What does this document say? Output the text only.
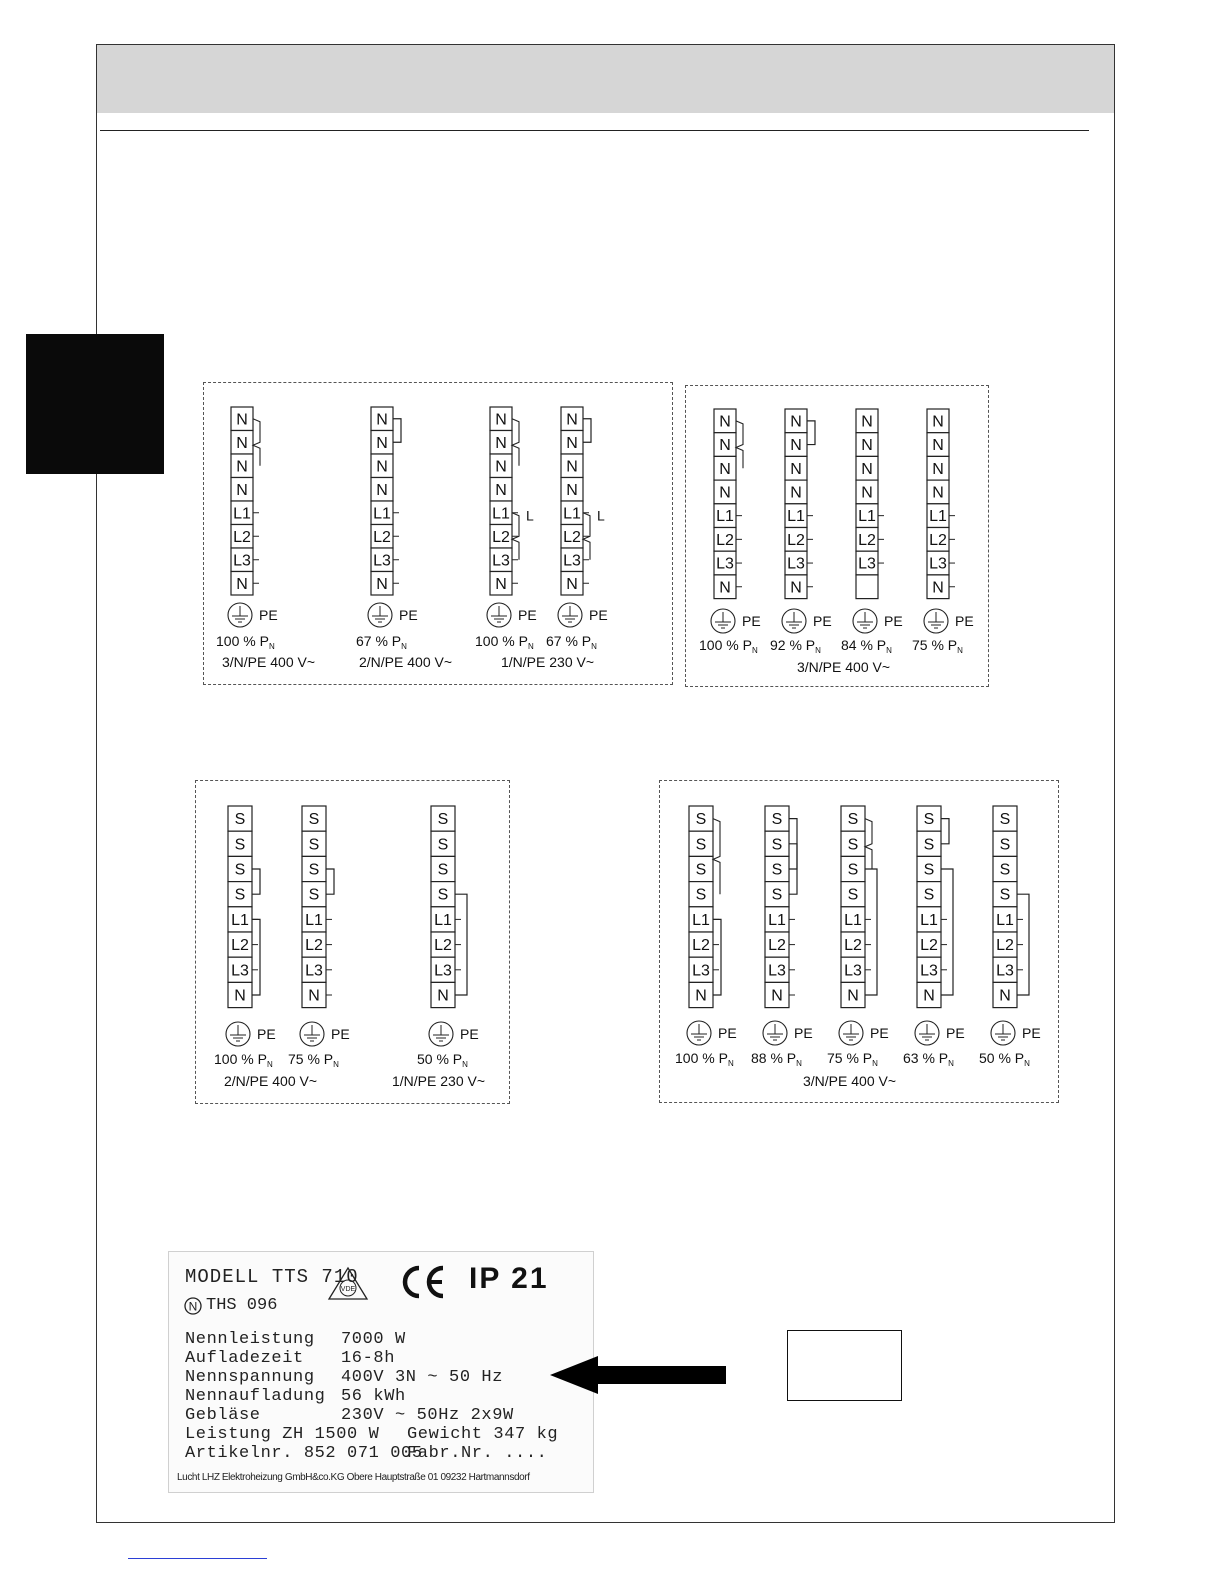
N
N
N
N
L1
L2
L3
N
PE
100 % $P_N$
N
N
N
N
L1
L2
L3
N
PE
67 % $P_N$
N
N
N
N
L1
L2
L3
N
L
PE
100 % $P_N$
N
N
N
N
L1
L2
L3
N
L
PE
67 % $P_N$
3/N/PE 400 V~	2/N/PE 400 V~	1/N/PE 230 V~
N
N
N
N
L1
L2
L3
N
PE
100 % $P_N$
N
N
N
N
L1
L2
L3
N
PE
92 % $P_N$
N
N
N
N
L1
L2
L3
PE
84 % $P_N$
N
N
N
N
L1
L2
L3
N
PE
75 % $P_N$
3/N/PE 400 V~
S
S
S
S
L1
L2
L3
N
PE
100 % $P_N$
S
S
S
S
L1
L2
L3
N
PE
75 % $P_N$
S
S
S
S
L1
L2
L3
N
PE
50 % $P_N$
2/N/PE 400 V~	1/N/PE 230 V~
S
S
S
S
L1
L2
L3
N
PE
100 % $P_N$
S
S
S
S
L1
L2
L3
N
PE
88 % $P_N$
S
S
S
S
L1
L2
L3
N
PE
75 % $P_N$
S
S
S
S
L1
L2
L3
N
PE
63 % $P_N$
S
S
S
S
L1
L2
L3
N
PE
50 % $P_N$
3/N/PE 400 V~
MODELL TTS 710
VDE	IP 21
N THS 096
Nennleistung 7000 W
Aufladezeit 16-8h
Nennspannung 400V 3N ~ 50 Hz
Nennaufladung 56 kWh
Gebläse	230V ~ 50Hz 2x9W
Leistung ZH 1500 W Gewicht 347 kg
Artikelnr. 852 071 005
Fabr.Nr. ....
Lucht LHZ Elektroheizung GmbH&co.KG Obere Hauptstraße 01 09232 Hartmannsdorf
